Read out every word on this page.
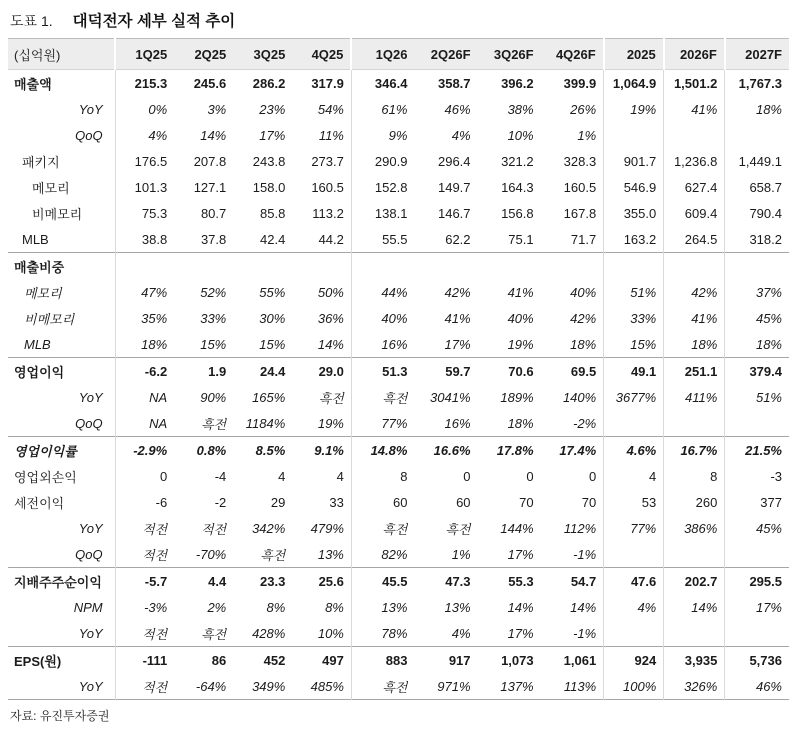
도표 1. 대덕전자 세부 실적 추이
(십억원)	1Q25	2Q25	3Q25	4Q25	1Q26	2Q26F	3Q26F	4Q26F	2025	2026F	2027F
매출액	215.3	245.6	286.2	317.9	346.4	358.7	396.2	399.9	1,064.9	1,501.2	1,767.3
YoY	0%	3%	23%	54%	61%	46%	38%	26%	19%	41%	18%
QoQ	4%	14%	17%	11%	9%	4%	10%	1%			
패키지	176.5	207.8	243.8	273.7	290.9	296.4	321.2	328.3	901.7	1,236.8	1,449.1
메모리	101.3	127.1	158.0	160.5	152.8	149.7	164.3	160.5	546.9	627.4	658.7
비메모리	75.3	80.7	85.8	113.2	138.1	146.7	156.8	167.8	355.0	609.4	790.4
MLB	38.8	37.8	42.4	44.2	55.5	62.2	75.1	71.7	163.2	264.5	318.2
매출비중											
메모리	47%	52%	55%	50%	44%	42%	41%	40%	51%	42%	37%
비메모리	35%	33%	30%	36%	40%	41%	40%	42%	33%	41%	45%
MLB	18%	15%	15%	14%	16%	17%	19%	18%	15%	18%	18%
영업이익	-6.2	1.9	24.4	29.0	51.3	59.7	70.6	69.5	49.1	251.1	379.4
YoY	NA	90%	165%	흑전	흑전	3041%	189%	140%	3677%	411%	51%
QoQ	NA	흑전	1184%	19%	77%	16%	18%	-2%			
영업이익률	-2.9%	0.8%	8.5%	9.1%	14.8%	16.6%	17.8%	17.4%	4.6%	16.7%	21.5%
영업외손익	0	-4	4	4	8	0	0	0	4	8	-3
세전이익	-6	-2	29	33	60	60	70	70	53	260	377
YoY	적전	적전	342%	479%	흑전	흑전	144%	112%	77%	386%	45%
QoQ	적전	-70%	흑전	13%	82%	1%	17%	-1%			
지배주주순이익	-5.7	4.4	23.3	25.6	45.5	47.3	55.3	54.7	47.6	202.7	295.5
NPM	-3%	2%	8%	8%	13%	13%	14%	14%	4%	14%	17%
YoY	적전	흑전	428%	10%	78%	4%	17%	-1%			
EPS(원)	-111	86	452	497	883	917	1,073	1,061	924	3,935	5,736
YoY	적전	-64%	349%	485%	흑전	971%	137%	113%	100%	326%	46%
자료: 유진투자증권
